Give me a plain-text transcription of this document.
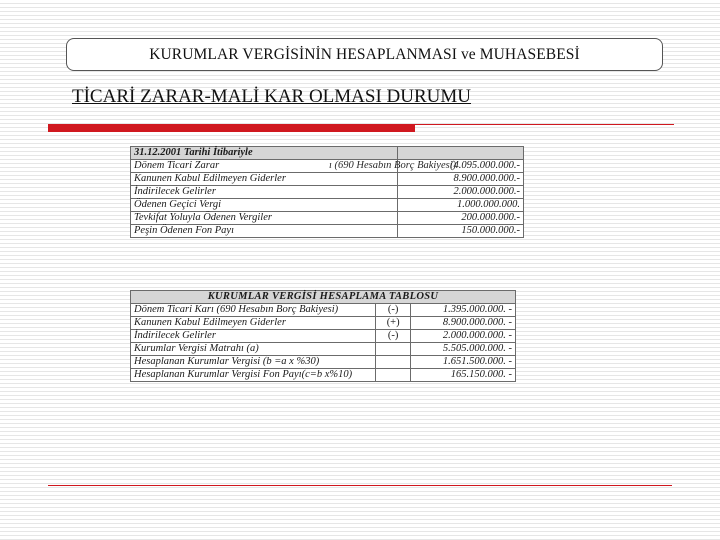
KURUMLAR VERGİSİNİN HESAPLANMASI ve MUHASEBESİ
TİCARİ ZARAR-MALİ KAR OLMASI DURUMU
31.12.2001 Tarihi İtibariyle	
Dönem Ticari Zarar ı (690 Hesabın Borç Bakiyesi)	(4.095.000.000.-
Kanunen Kabul Edilmeyen Giderler	8.900.000.000.-
İndirilecek Gelirler	2.000.000.000.-
Ödenen Geçici Vergi	1.000.000.000.
Tevkifat Yoluyla Ödenen Vergiler	200.000.000.-
Peşin Ödenen Fon Payı	150.000.000.-
KURUMLAR VERGİSİ HESAPLAMA TABLOSU		
Dönem Ticari Karı (690 Hesabın Borç Bakiyesi)	(-)	1.395.000.000. -
Kanunen Kabul Edilmeyen Giderler	(+)	8.900.000.000. -
İndirilecek Gelirler	(-)	2.000.000.000. -
Kurumlar Vergisi Matrahı (a)		5.505.000.000. -
Hesaplanan Kurumlar Vergisi (b =a x %30)		1.651.500.000. -
Hesaplanan Kurumlar Vergisi Fon Payı(c=b x%10)		165.150.000. -
